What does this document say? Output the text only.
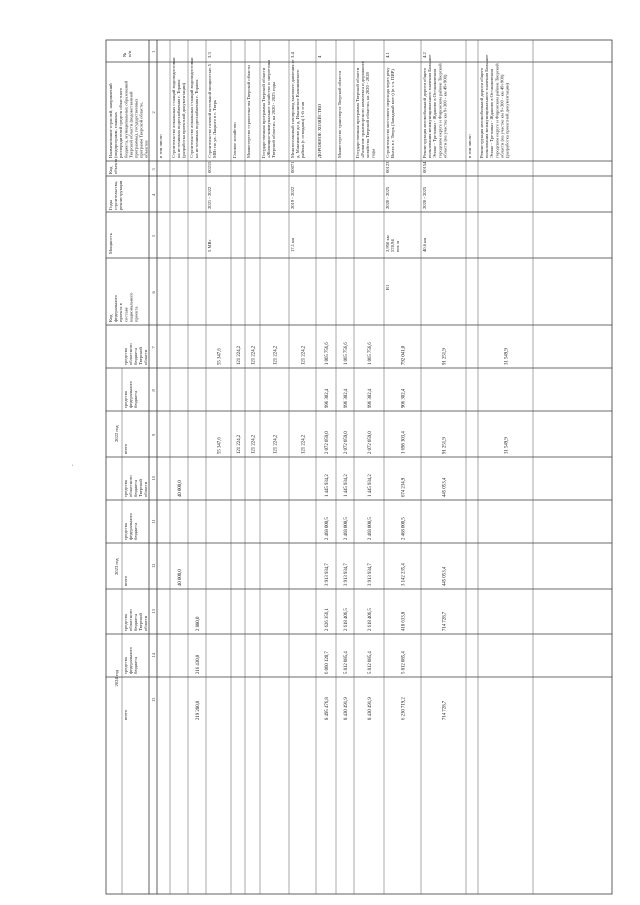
№п/п
Наименование отраслей, направлений(подпрограмм, главныхраспорядителей средств областногобюджета, муниципальных образованийТверской области (ведомственнойпрограммы), государственныхпрограмм Тверской области,объектов
Кодобъекта
Годыстроительства,реконструкции
Мощность
Кодфедеральногопроекта всоставенациональногопроекта
2022 год
2023 год
2024 год
средстваобластногобюджетаТверскойобласти
средствафедеральногобюджета
всего
средстваобластногобюджетаТверскойобласти
средствафедеральногобюджета
всего
средстваобластногобюджетаТверскойобласти
средствафедеральногобюджета
всего
1
2
3
4
5
6
7
8
9
10
11
12
13
14
15
в том числе: Строительство локальных станций водоподготовкина источниках водоснабжения г. Торжок(разработка проектной документации)
40 000,0
40 000,0
Строительство локальных станций водоподготовкина источниках водоснабжения г. Торжок
2 880,0
216 430,0
219 280,0
3.3
Строительство газовой котельной мощностью 5МВт по ул. Лацкого в г. Тверь
00215
2021 - 2022
5 МВт
55 347,6
55 347,6
Газовое хозяйство
121 224,2
121 224,2
Министерство строительства Тверской области
121 224,2
121 224,2
Государственная программа Тверской области«Жилищно-коммунальное хозяйство и энергетикаТверской области» на 2020 - 2025 годы
121 224,2
121 224,2
3.4
Межпоселковый газопровод высокого давления отд. Максимово до д. Ильинское Калининскогорайона (с отводами) 1-й этап
00071
2019 - 2022
17,1 км
121 224,2
121 224,2
4
ДОРОЖНОЕ ХОЗЯЙСТВО
1 065 756,6
996 302,4
2 072 059,0
1 445 934,2
2 468 000,5
3 913 934,7
2 626 356,1
6 060 120,7
8 495 476,8
Министерство транспорта Тверской области
1 065 756,6
996 302,4
2 072 059,0
1 445 934,2
2 468 000,5
3 913 934,7
2 618 406,5
5 812 085,4
8 430 491,9
Государственная программа Тверской области«Развитие транспортного комплекса и дорожногохозяйства Тверской области» на 2020 - 2028годы
1 065 756,6
996 302,4
2 072 059,0
1 445 934,2
2 468 000,5
3 913 934,7
2 618 406,5
5 812 085,4
8 430 491,9
4.1
Строительство мостового перехода через рекуВолга в г. Тверь (Западный мост) (в т.ч. ПИР)
00123
2020 - 2025
2,950 км578,94пог. м
R1
792 041,0
906 302,4
1 698 303,4
674 234,9
2 468 000,5
3 142 235,4
418 633,8
5 812 085,4
6 230 719,2
4.2
Реконструкция автомобильной дороги общегопользования межмуниципального значения БольшоеЭсино - Третники - Жданово в Осташковскомгородском округе и Фировском районе Тверскойобласти (на участке км 9+300 - км 49+900)
00154
2020 - 2025
40,6 км
91 251,9
91 251,9
445 053,4
445 053,4
714 728,7
714 728,7
в том числе: Реконструкция автомобильной дороги общегопользования межмуниципального значения БольшоеЭсино - Третники - Жданово в Осташковскомгородском округе и Фировском районе Тверскойобласти (на участке км 9+300 - км 49+900)(разработка проектной документации)
31 549,9
31 549,9
-
